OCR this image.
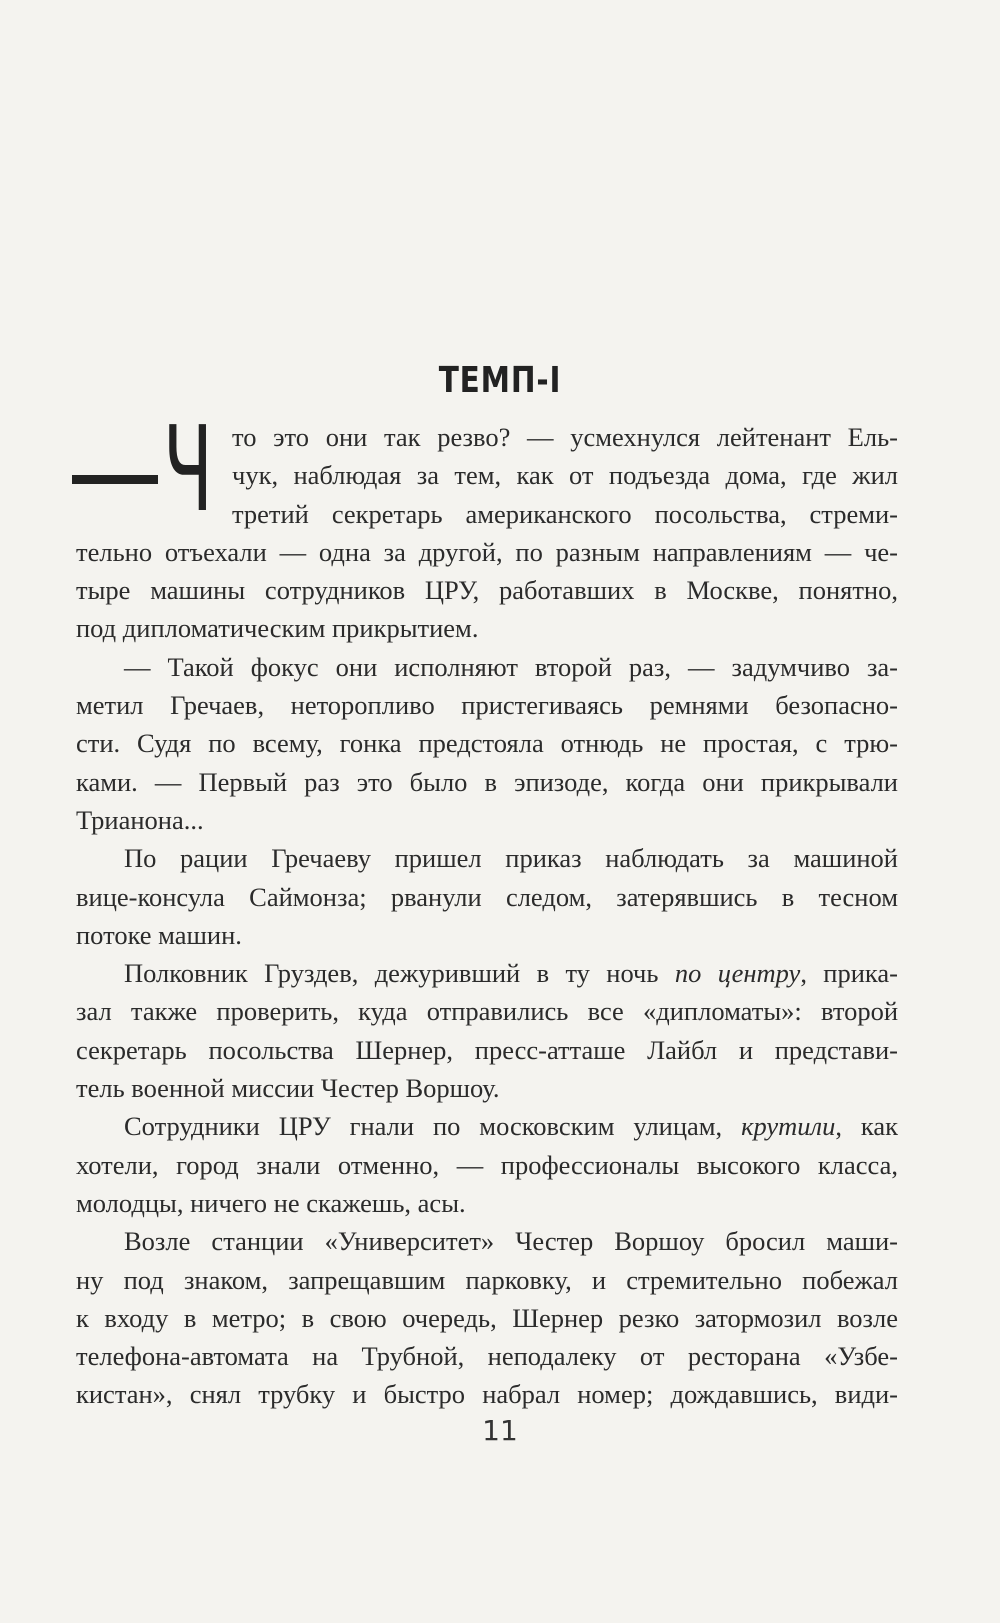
ТЕМП-I
Ч то это они так резво? — усмехнулся лейтенант Ель-
чук, наблюдая за тем, как от подъезда дома, где жил
третий секретарь американского посольства, стреми-
тельно отъехали — одна за другой, по разным направлениям — че-
тыре машины сотрудников ЦРУ, работавших в Москве, понятно,
под дипломатическим прикрытием.
— Такой фокус они исполняют второй раз, — задумчиво за-
метил Гречаев, неторопливо пристегиваясь ремнями безопасно-
сти. Судя по всему, гонка предстояла отнюдь не простая, с трю-
ками. — Первый раз это было в эпизоде, когда они прикрывали
Трианона...
По рации Гречаеву пришел приказ наблюдать за машиной
вице-консула Саймонза; рванули следом, затерявшись в тесном
потоке машин.
Полковник Груздев, дежуривший в ту ночь по центру, прика-
зал также проверить, куда отправились все «дипломаты»: второй
секретарь посольства Шернер, пресс-атташе Лайбл и представи-
тель военной миссии Честер Воршоу.
Сотрудники ЦРУ гнали по московским улицам, крутили, как
хотели, город знали отменно, — профессионалы высокого класса,
молодцы, ничего не скажешь, асы.
Возле станции «Университет» Честер Воршоу бросил маши-
ну под знаком, запрещавшим парковку, и стремительно побежал
к входу в метро; в свою очередь, Шернер резко затормозил возле
телефона-автомата на Трубной, неподалеку от ресторана «Узбе-
кистан», снял трубку и быстро набрал номер; дождавшись, види-
11
